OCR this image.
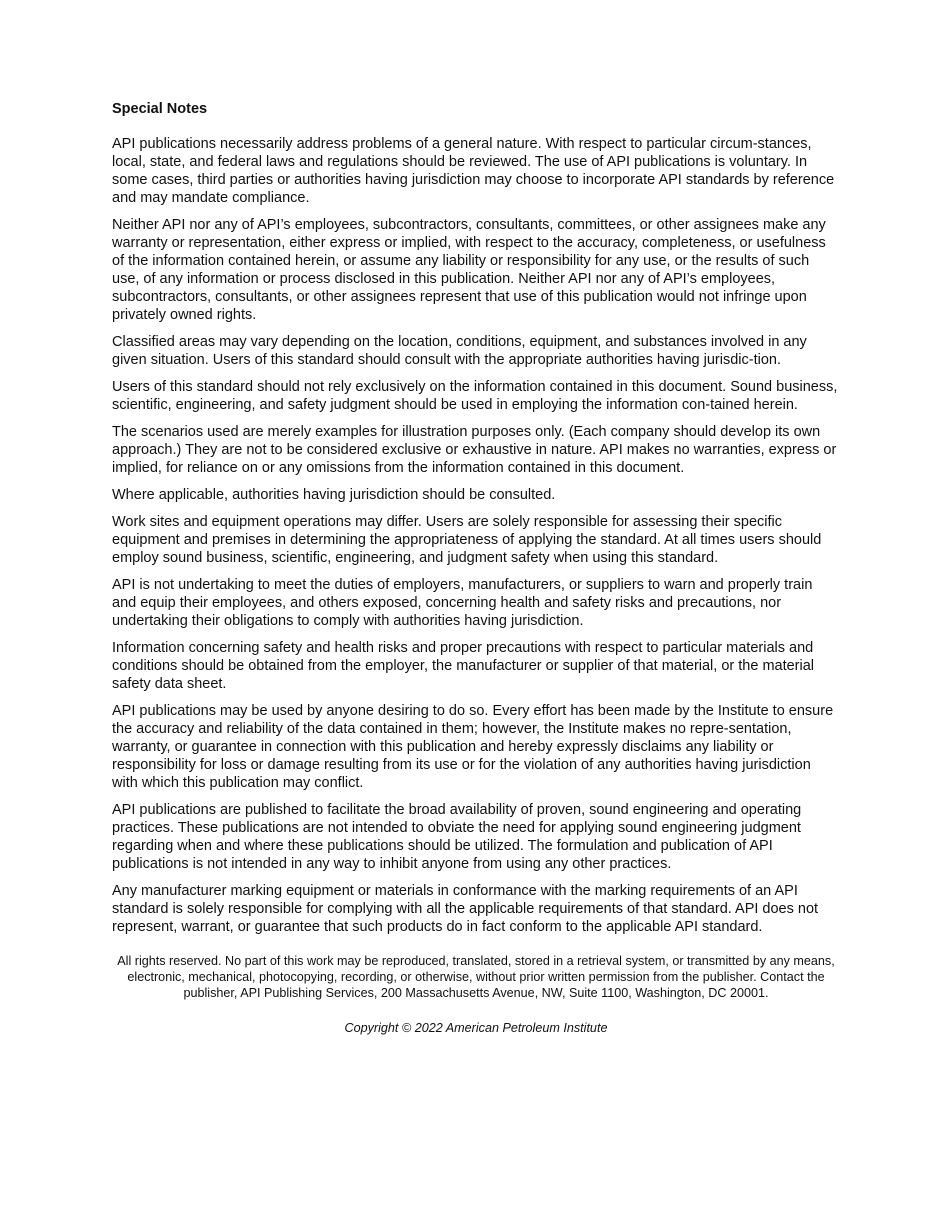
Special Notes

API publications necessarily address problems of a general nature. With respect to particular circum-stances, local, state, and federal laws and regulations should be reviewed. The use of API publications is voluntary. In some cases, third parties or authorities having jurisdiction may choose to incorporate API standards by reference and may mandate compliance.

Neither API nor any of API’s employees, subcontractors, consultants, committees, or other assignees make any warranty or representation, either express or implied, with respect to the accuracy, completeness, or usefulness of the information contained herein, or assume any liability or responsibility for any use, or the results of such use, of any information or process disclosed in this publication. Neither API nor any of API’s employees, subcontractors, consultants, or other assignees represent that use of this publication would not infringe upon privately owned rights.

Classified areas may vary depending on the location, conditions, equipment, and substances involved in any given situation. Users of this standard should consult with the appropriate authorities having jurisdic-tion.

Users of this standard should not rely exclusively on the information contained in this document. Sound business, scientific, engineering, and safety judgment should be used in employing the information con-tained herein.

The scenarios used are merely examples for illustration purposes only. (Each company should develop its own approach.) They are not to be considered exclusive or exhaustive in nature. API makes no warranties, express or implied, for reliance on or any omissions from the information contained in this document.

Where applicable, authorities having jurisdiction should be consulted.

Work sites and equipment operations may differ. Users are solely responsible for assessing their specific equipment and premises in determining the appropriateness of applying the standard. At all times users should employ sound business, scientific, engineering, and judgment safety when using this standard.

API is not undertaking to meet the duties of employers, manufacturers, or suppliers to warn and properly train and equip their employees, and others exposed, concerning health and safety risks and precautions, nor undertaking their obligations to comply with authorities having jurisdiction.

Information concerning safety and health risks and proper precautions with respect to particular materials and conditions should be obtained from the employer, the manufacturer or supplier of that material, or the material safety data sheet.

API publications may be used by anyone desiring to do so. Every effort has been made by the Institute to ensure the accuracy and reliability of the data contained in them; however, the Institute makes no repre-sentation, warranty, or guarantee in connection with this publication and hereby expressly disclaims any liability or responsibility for loss or damage resulting from its use or for the violation of any authorities having jurisdiction with which this publication may conflict.

API publications are published to facilitate the broad availability of proven, sound engineering and operating practices. These publications are not intended to obviate the need for applying sound engineering judgment regarding when and where these publications should be utilized. The formulation and publication of API publications is not intended in any way to inhibit anyone from using any other practices.

Any manufacturer marking equipment or materials in conformance with the marking requirements of an API standard is solely responsible for complying with all the applicable requirements of that standard. API does not represent, warrant, or guarantee that such products do in fact conform to the applicable API standard.

All rights reserved. No part of this work may be reproduced, translated, stored in a retrieval system, or transmitted by any means, electronic, mechanical, photocopying, recording, or otherwise, without prior written permission from the publisher. Contact the publisher, API Publishing Services, 200 Massachusetts Avenue, NW, Suite 1100, Washington, DC 20001.

Copyright © 2022 American Petroleum Institute
